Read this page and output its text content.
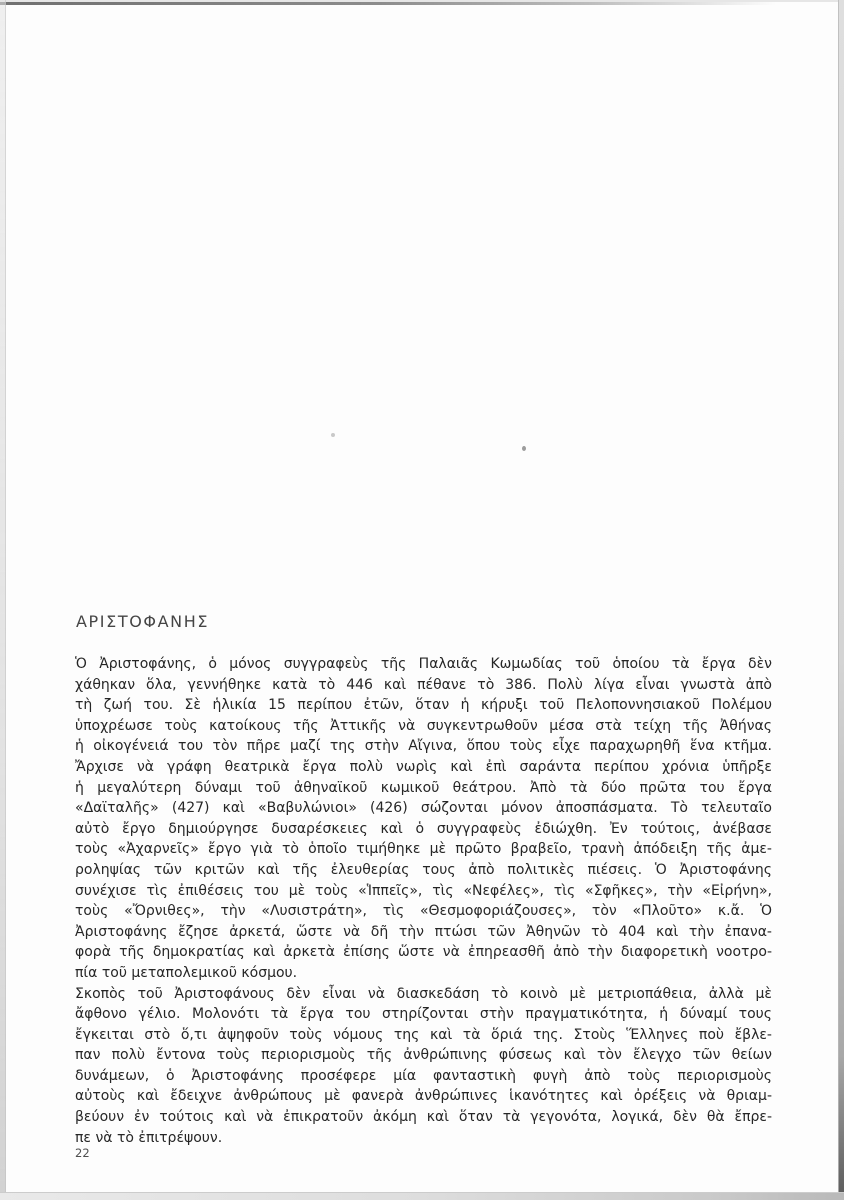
ΑΡΙΣΤΟΦΑΝΗΣ
Ὁ Ἀριστοφάνης, ὁ μόνος συγγραφεὺς τῆς Παλαιᾶς Κωμωδίας τοῦ ὁποίου τὰ ἔργα δὲν
χάθηκαν ὅλα, γεννήθηκε κατὰ τὸ 446 καὶ πέθανε τὸ 386. Πολὺ λίγα εἶναι γνωστὰ ἀπὸ
τὴ ζωή του. Σὲ ἡλικία 15 περίπου ἐτῶν, ὅταν ἡ κήρυξι τοῦ Πελοποννησιακοῦ Πολέμου
ὑποχρέωσε τοὺς κατοίκους τῆς Ἀττικῆς νὰ συγκεντρωθοῦν μέσα στὰ τείχη τῆς Ἀθήνας
ἡ οἰκογένειά του τὸν πῆρε μαζί της στὴν Αἴγινα, ὅπου τοὺς εἶχε παραχωρηθῆ ἕνα κτῆμα.
Ἄρχισε νὰ γράφη θεατρικὰ ἔργα πολὺ νωρὶς καὶ ἐπὶ σαράντα περίπου χρόνια ὑπῆρξε
ἡ μεγαλύτερη δύναμι τοῦ ἀθηναϊκοῦ κωμικοῦ θεάτρου. Ἀπὸ τὰ δύο πρῶτα του ἔργα
«Δαϊταλῆς» (427) καὶ «Βαβυλώνιοι» (426) σώζονται μόνον ἀποσπάσματα. Τὸ τελευταῖο
αὐτὸ ἔργο δημιούργησε δυσαρέσκειες καὶ ὁ συγγραφεὺς ἐδιώχθη. Ἐν τούτοις, ἀνέβασε
τοὺς «Ἀχαρνεῖς» ἔργο γιὰ τὸ ὁποῖο τιμήθηκε μὲ πρῶτο βραβεῖο, τρανὴ ἀπόδειξη τῆς ἀμε-
ροληψίας τῶν κριτῶν καὶ τῆς ἐλευθερίας τους ἀπὸ πολιτικὲς πιέσεις. Ὁ Ἀριστοφάνης
συνέχισε τὶς ἐπιθέσεις του μὲ τοὺς «Ἱππεῖς», τὶς «Νεφέλες», τὶς «Σφῆκες», τὴν «Εἰρήνη»,
τοὺς «Ὄρνιθες», τὴν «Λυσιστράτη», τὶς «Θεσμοφοριάζουσες», τὸν «Πλοῦτο» κ.ἄ. Ὁ
Ἀριστοφάνης ἔζησε ἀρκετά, ὥστε νὰ δῆ τὴν πτώσι τῶν Ἀθηνῶν τὸ 404 καὶ τὴν ἐπανα-
φορὰ τῆς δημοκρατίας καὶ ἀρκετὰ ἐπίσης ὥστε νὰ ἐπηρεασθῆ ἀπὸ τὴν διαφορετικὴ νοοτρο-
πία τοῦ μεταπολεμικοῦ κόσμου.
Σκοπὸς τοῦ Ἀριστοφάνους δὲν εἶναι νὰ διασκεδάση τὸ κοινὸ μὲ μετριοπάθεια, ἀλλὰ μὲ
ἄφθονο γέλιο. Μολονότι τὰ ἔργα του στηρίζονται στὴν πραγματικότητα, ἡ δύναμί τους
ἔγκειται στὸ ὅ,τι ἀψηφοῦν τοὺς νόμους της καὶ τὰ ὅριά της. Στοὺς Ἕλληνες ποὺ ἔβλε-
παν πολὺ ἔντονα τοὺς περιορισμοὺς τῆς ἀνθρώπινης φύσεως καὶ τὸν ἔλεγχο τῶν θείων
δυνάμεων, ὁ Ἀριστοφάνης προσέφερε μία φανταστικὴ φυγὴ ἀπὸ τοὺς περιορισμοὺς
αὐτοὺς καὶ ἔδειχνε ἀνθρώπους μὲ φανερὰ ἀνθρώπινες ἱκανότητες καὶ ὀρέξεις νὰ θριαμ-
βεύουν ἐν τούτοις καὶ νὰ ἐπικρατοῦν ἀκόμη καὶ ὅταν τὰ γεγονότα, λογικά, δὲν θὰ ἔπρε-
πε νὰ τὸ ἐπιτρέψουν.
22
